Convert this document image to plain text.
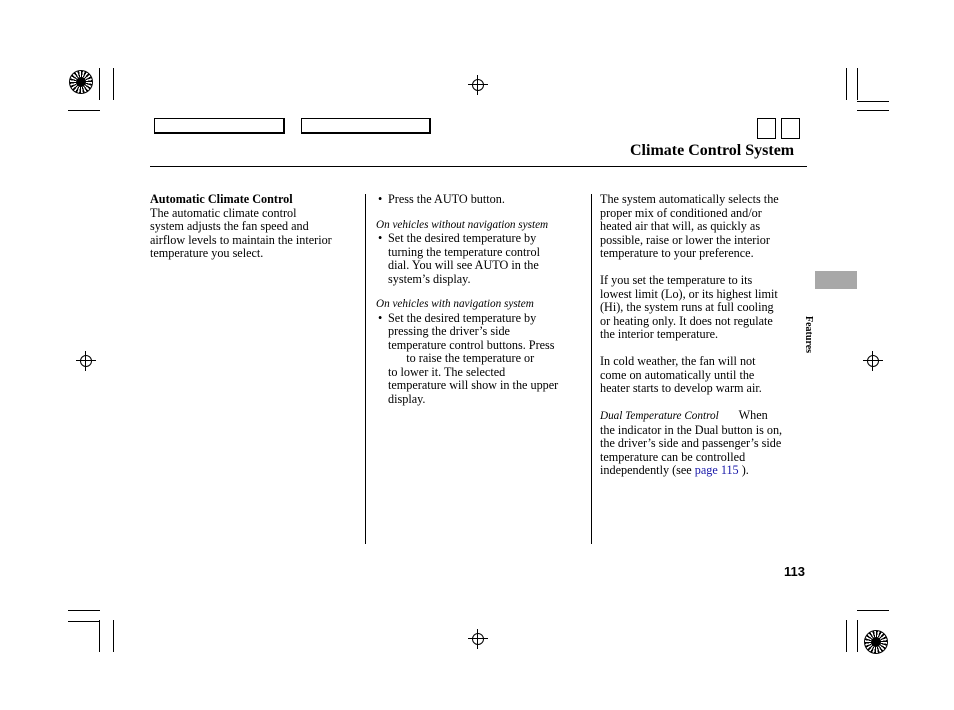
Climate Control System

Automatic Climate Control

The automatic climate control

system adjusts the fan speed and

airflow levels to maintain the interior

temperature you select.

• Press the AUTO button.

On vehicles without navigation system

• Set the desired temperature by

turning the temperature control

dial. You will see AUTO in the

system’s display.

On vehicles with navigation system

• Set the desired temperature by

pressing the driver’s side

temperature control buttons. Press

to raise the temperature or

to lower it. The selected

temperature will show in the upper

display.

The system automatically selects the

proper mix of conditioned and/or

heated air that will, as quickly as

possible, raise or lower the interior

temperature to your preference.

If you set the temperature to its

lowest limit (Lo), or its highest limit

(Hi), the system runs at full cooling

or heating only. It does not regulate

the interior temperature.

In cold weather, the fan will not

come on automatically until the

heater starts to develop warm air.

Dual Temperature Control When

the indicator in the Dual button is on,

the driver’s side and passenger’s side

temperature can be controlled

independently (see page 115 ).

Features
113
